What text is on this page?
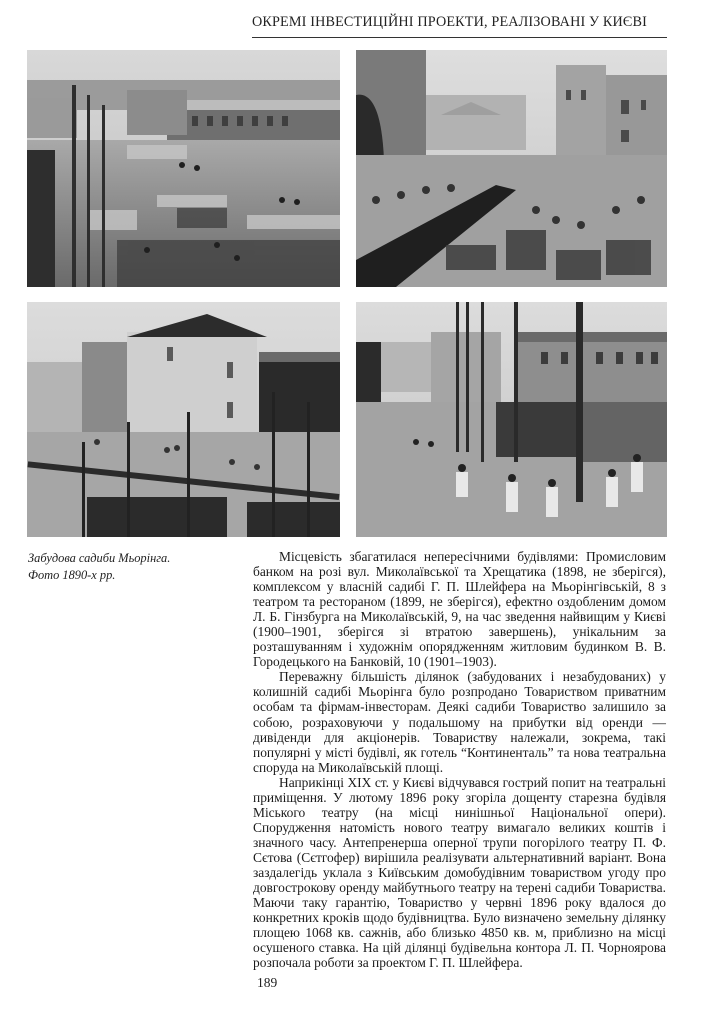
ОКРЕМІ ІНВЕСТИЦІЙНІ ПРОЕКТИ, РЕАЛІЗОВАНІ У КИЄВІ
Забудова садиби Мьорінга.
Фото 1890-х рр.

Місцевість збагатилася непересічними будівлями: Промисловим банком на розі вул. Миколаївської та Хрещатика (1898, не зберігся), комплексом у власній садибі Г. П. Шлейфера на Мьорінгівській, 8 з театром та рестораном (1899, не зберігся), ефектно оздобленим домом Л. Б. Гінзбурга на Миколаївській, 9, на час зведення найвищим у Києві (1900–1901, зберігся зі втратою завершень), унікальним за розташуванням і художнім опорядженням житловим будинком В. В. Городецького на Банковій, 10 (1901–1903).

Переважну більшість ділянок (забудованих і незабудованих) у колишній садибі Мьорінга було розпродано Товариством приватним особам та фірмам-інвесторам. Деякі садиби Товариство залишило за собою, розраховуючи у подальшому на прибутки від оренди — дивіденди для акціонерів. Товариству належали, зокрема, такі популярні у місті будівлі, як готель “Континенталь” та нова театральна споруда на Миколаївській площі.

Наприкінці XIX ст. у Києві відчувався гострий попит на театральні приміщення. У лютому 1896 року згоріла дощенту старезна будівля Міського театру (на місці нинішньої Національної опери). Спорудження натомість нового театру вимагало великих коштів і значного часу. Антепренерша оперної трупи погорілого театру П. Ф. Сєтова (Сєтгофер) вирішила реалізувати альтернативний варіант. Вона заздалегідь уклала з Київським домобудівним товариством угоду про довгострокову оренду майбутнього театру на терені садиби Товариства. Маючи таку гарантію, Товариство у червні 1896 року вдалося до конкретних кроків щодо будівництва. Було визначено земельну ділянку площею 1068 кв. сажнів, або близько 4850 кв. м, приблизно на місці осушеного ставка. На цій ділянці будівельна контора Л. П. Чорноярова розпочала роботи за проектом Г. П. Шлейфера.

189
